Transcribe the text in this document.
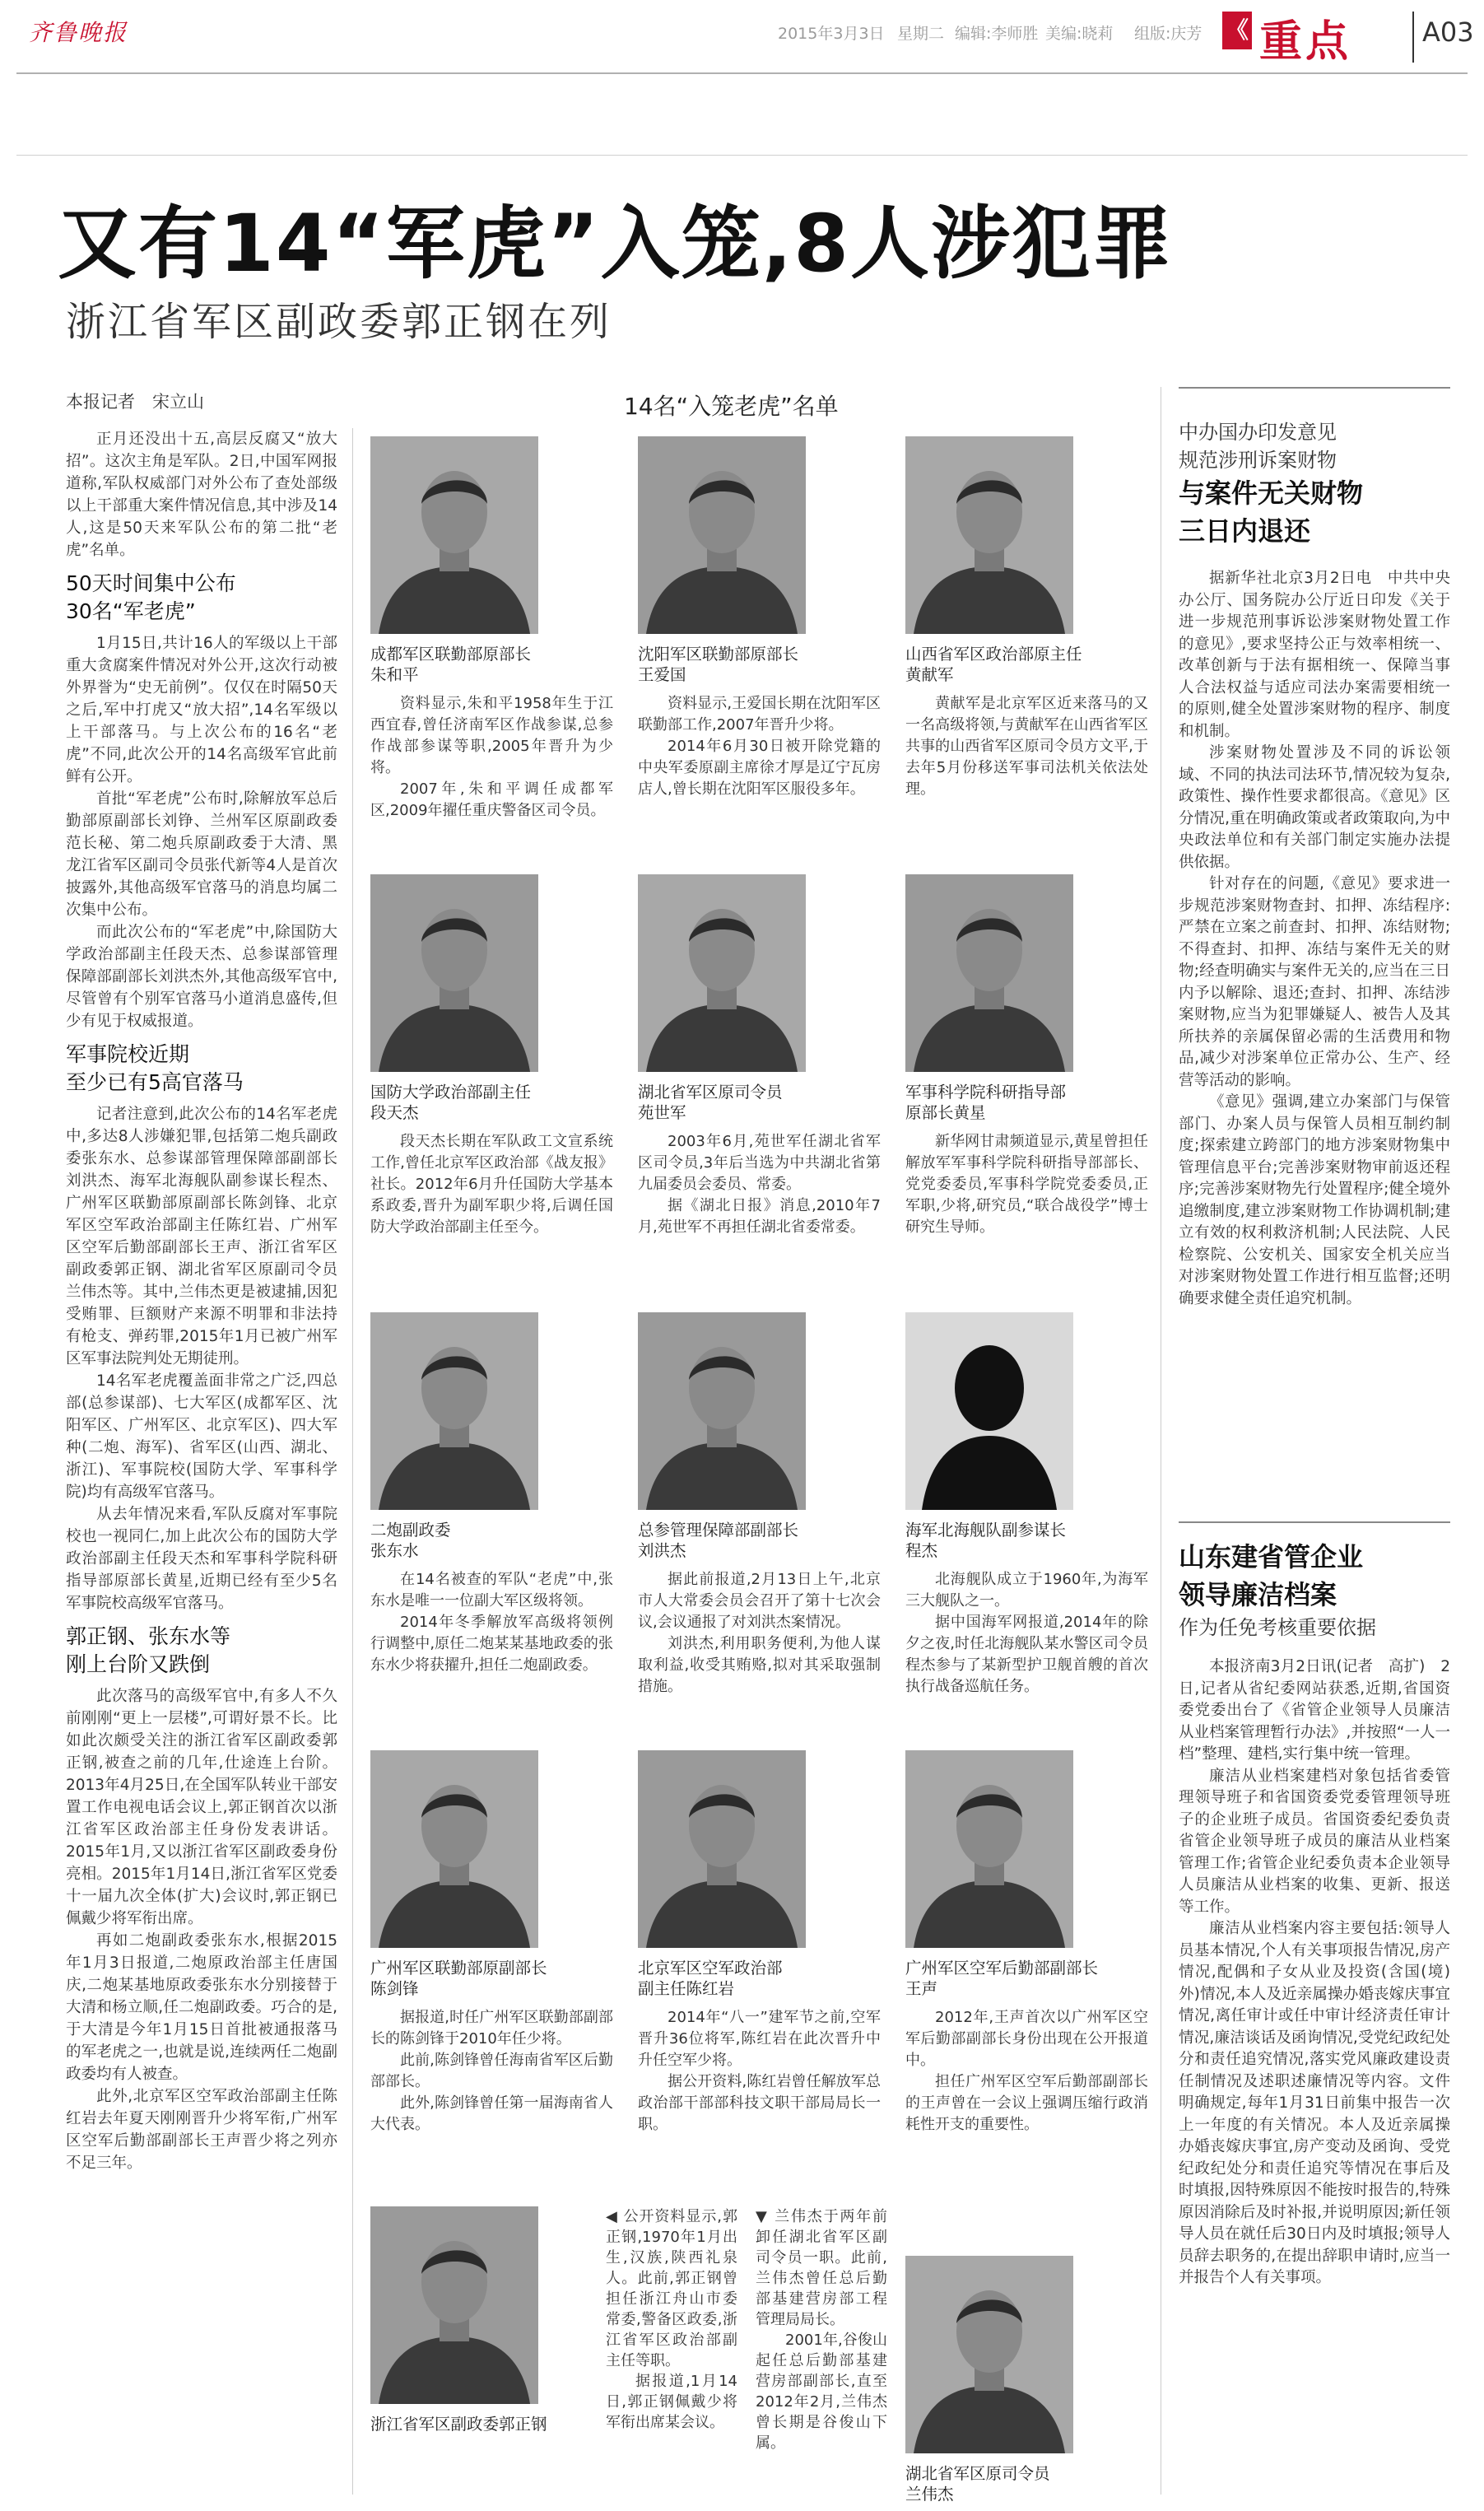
齐鲁晚报	2015年3月3日 星期二 编辑:李师胜 美编:晓莉 组版:庆芳 《 重点	A03
又有14“军虎”入笼,8人涉犯罪
浙江省军区副政委郭正钢在列
本报记者　宋立山

正月还没出十五,高层反腐又“放大招”。这次主角是军队。2日,中国军网报道称,军队权威部门对外公布了查处部级以上干部重大案件情况信息,其中涉及14人,这是50天来军队公布的第二批“老虎”名单。

50天时间集中公布
30名“军老虎”

1月15日,共计16人的军级以上干部重大贪腐案件情况对外公开,这次行动被外界誉为“史无前例”。仅仅在时隔50天之后,军中打虎又“放大招”,14名军级以上干部落马。与上次公布的16名“老虎”不同,此次公开的14名高级军官此前鲜有公开。

首批“军老虎”公布时,除解放军总后勤部原副部长刘铮、兰州军区原副政委范长秘、第二炮兵原副政委于大清、黑龙江省军区副司令员张代新等4人是首次披露外,其他高级军官落马的消息均属二次集中公布。

而此次公布的“军老虎”中,除国防大学政治部副主任段天杰、总参谋部管理保障部副部长刘洪杰外,其他高级军官中,尽管曾有个别军官落马小道消息盛传,但少有见于权威报道。

军事院校近期
至少已有5高官落马

记者注意到,此次公布的14名军老虎中,多达8人涉嫌犯罪,包括第二炮兵副政委张东水、总参谋部管理保障部副部长刘洪杰、海军北海舰队副参谋长程杰、广州军区联勤部原副部长陈剑锋、北京军区空军政治部副主任陈红岩、广州军区空军后勤部副部长王声、浙江省军区副政委郭正钢、湖北省军区原副司令员兰伟杰等。其中,兰伟杰更是被逮捕,因犯受贿罪、巨额财产来源不明罪和非法持有枪支、弹药罪,2015年1月已被广州军区军事法院判处无期徒刑。

14名军老虎覆盖面非常之广泛,四总部(总参谋部)、七大军区(成都军区、沈阳军区、广州军区、北京军区)、四大军种(二炮、海军)、省军区(山西、湖北、浙江)、军事院校(国防大学、军事科学院)均有高级军官落马。

从去年情况来看,军队反腐对军事院校也一视同仁,加上此次公布的国防大学政治部副主任段天杰和军事科学院科研指导部原部长黄星,近期已经有至少5名军事院校高级军官落马。

郭正钢、张东水等
刚上台阶又跌倒

此次落马的高级军官中,有多人不久前刚刚“更上一层楼”,可谓好景不长。比如此次颇受关注的浙江省军区副政委郭正钢,被查之前的几年,仕途连上台阶。2013年4月25日,在全国军队转业干部安置工作电视电话会议上,郭正钢首次以浙江省军区政治部主任身份发表讲话。2015年1月,又以浙江省军区副政委身份亮相。2015年1月14日,浙江省军区党委十一届九次全体(扩大)会议时,郭正钢已佩戴少将军衔出席。

再如二炮副政委张东水,根据2015年1月3日报道,二炮原政治部主任唐国庆,二炮某基地原政委张东水分别接替于大清和杨立顺,任二炮副政委。巧合的是,于大清是今年1月15日首批被通报落马的军老虎之一,也就是说,连续两任二炮副政委均有人被查。

此外,北京军区空军政治部副主任陈红岩去年夏天刚刚晋升少将军衔,广州军区空军后勤部副部长王声晋少将之列亦不足三年。

14名“入笼老虎”名单
成都军区联勤部原部长
朱和平

资料显示,朱和平1958年生于江西宜春,曾任济南军区作战参谋,总参作战部参谋等职,2005年晋升为少将。

2007年,朱和平调任成都军区,2009年擢任重庆警备区司令员。

沈阳军区联勤部原部长
王爱国

资料显示,王爱国长期在沈阳军区联勤部工作,2007年晋升少将。

2014年6月30日被开除党籍的中央军委原副主席徐才厚是辽宁瓦房店人,曾长期在沈阳军区服役多年。

山西省军区政治部原主任
黄献军

黄献军是北京军区近来落马的又一名高级将领,与黄献军在山西省军区共事的山西省军区原司令员方文平,于去年5月份移送军事司法机关依法处理。

国防大学政治部副主任
段天杰

段天杰长期在军队政工文宣系统工作,曾任北京军区政治部《战友报》社长。2012年6月升任国防大学基本系政委,晋升为副军职少将,后调任国防大学政治部副主任至今。

湖北省军区原司令员
苑世军

2003年6月,苑世军任湖北省军区司令员,3年后当选为中共湖北省第九届委员会委员、常委。

据《湖北日报》消息,2010年7月,苑世军不再担任湖北省委常委。

军事科学院科研指导部
原部长黄星

新华网甘肃频道显示,黄星曾担任解放军军事科学院科研指导部部长、党党委委员,军事科学院党委委员,正军职,少将,研究员,“联合战役学”博士研究生导师。

二炮副政委
张东水

在14名被查的军队“老虎”中,张东水是唯一一位副大军区级将领。

2014年冬季解放军高级将领例行调整中,原任二炮某某基地政委的张东水少将获擢升,担任二炮副政委。

总参管理保障部副部长
刘洪杰

据此前报道,2月13日上午,北京市人大常委会员会召开了第十七次会议,会议通报了对刘洪杰案情况。

刘洪杰,利用职务便利,为他人谋取利益,收受其贿赂,拟对其采取强制措施。

海军北海舰队副参谋长
程杰

北海舰队成立于1960年,为海军三大舰队之一。

据中国海军网报道,2014年的除夕之夜,时任北海舰队某水警区司令员程杰参与了某新型护卫舰首艘的首次执行战备巡航任务。

广州军区联勤部原副部长
陈剑锋

据报道,时任广州军区联勤部副部长的陈剑锋于2010年任少将。

此前,陈剑锋曾任海南省军区后勤部部长。

此外,陈剑锋曾任第一届海南省人大代表。

北京军区空军政治部
副主任陈红岩

2014年“八一”建军节之前,空军晋升36位将军,陈红岩在此次晋升中升任空军少将。

据公开资料,陈红岩曾任解放军总政治部干部部科技文职干部局局长一职。

广州军区空军后勤部副部长
王声

2012年,王声首次以广州军区空军后勤部副部长身份出现在公开报道中。

担任广州军区空军后勤部副部长的王声曾在一会议上强调压缩行政消耗性开支的重要性。

浙江省军区副政委郭正钢

◀ 公开资料显示,郭正钢,1970年1月出生,汉族,陕西礼泉人。此前,郭正钢曾担任浙江舟山市委常委,警备区政委,浙江省军区政治部副主任等职。

据报道,1月14日,郭正钢佩戴少将军衔出席某会议。

▼ 兰伟杰于两年前卸任湖北省军区副司令员一职。此前,兰伟杰曾任总后勤部基建营房部工程管理局局长。

2001年,谷俊山起任总后勤部基建营房部副部长,直至2012年2月,兰伟杰曾长期是谷俊山下属。

湖北省军区原司令员
兰伟杰
中办国办印发意见
规范涉刑诉案财物
与案件无关财物
三日内退还

据新华社北京3月2日电　中共中央办公厅、国务院办公厅近日印发《关于进一步规范刑事诉讼涉案财物处置工作的意见》,要求坚持公正与效率相统一、改革创新与于法有据相统一、保障当事人合法权益与适应司法办案需要相统一的原则,健全处置涉案财物的程序、制度和机制。

涉案财物处置涉及不同的诉讼领域、不同的执法司法环节,情况较为复杂,政策性、操作性要求都很高。《意见》区分情况,重在明确政策或者政策取向,为中央政法单位和有关部门制定实施办法提供依据。

针对存在的问题,《意见》要求进一步规范涉案财物查封、扣押、冻结程序:严禁在立案之前查封、扣押、冻结财物;不得查封、扣押、冻结与案件无关的财物;经查明确实与案件无关的,应当在三日内予以解除、退还;查封、扣押、冻结涉案财物,应当为犯罪嫌疑人、被告人及其所扶养的亲属保留必需的生活费用和物品,减少对涉案单位正常办公、生产、经营等活动的影响。

《意见》强调,建立办案部门与保管部门、办案人员与保管人员相互制约制度;探索建立跨部门的地方涉案财物集中管理信息平台;完善涉案财物审前返还程序;完善涉案财物先行处置程序;健全境外追缴制度,建立涉案财物工作协调机制;建立有效的权利救济机制;人民法院、人民检察院、公安机关、国家安全机关应当对涉案财物处置工作进行相互监督;还明确要求健全责任追究机制。

山东建省管企业
领导廉洁档案
作为任免考核重要依据

本报济南3月2日讯(记者　高扩)　2日,记者从省纪委网站获悉,近期,省国资委党委出台了《省管企业领导人员廉洁从业档案管理暂行办法》,并按照“一人一档”整理、建档,实行集中统一管理。

廉洁从业档案建档对象包括省委管理领导班子和省国资委党委管理领导班子的企业班子成员。省国资委纪委负责省管企业领导班子成员的廉洁从业档案管理工作;省管企业纪委负责本企业领导人员廉洁从业档案的收集、更新、报送等工作。

廉洁从业档案内容主要包括:领导人员基本情况,个人有关事项报告情况,房产情况,配偶和子女从业及投资(含国(境)外)情况,本人及近亲属操办婚丧嫁庆事宜情况,离任审计或任中审计经济责任审计情况,廉洁谈话及函询情况,受党纪政纪处分和责任追究情况,落实党风廉政建设责任制情况及述职述廉情况等内容。文件明确规定,每年1月31日前集中报告一次上一年度的有关情况。本人及近亲属操办婚丧嫁庆事宜,房产变动及函询、受党纪政纪处分和责任追究等情况在事后及时填报,因特殊原因不能按时报告的,特殊原因消除后及时补报,并说明原因;新任领导人员在就任后30日内及时填报;领导人员辞去职务的,在提出辞职申请时,应当一并报告个人有关事项。
